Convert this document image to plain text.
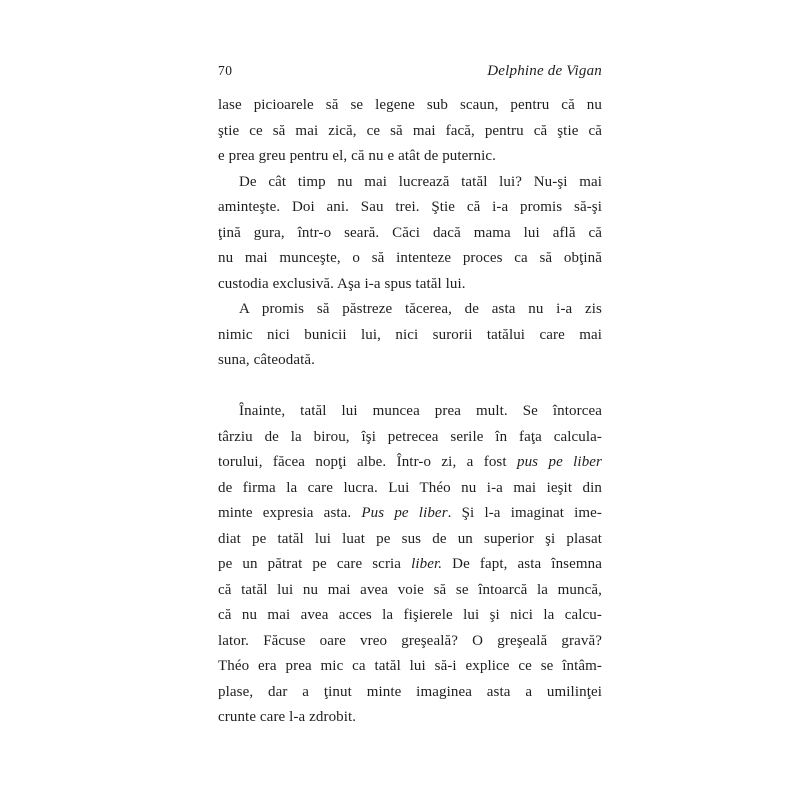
70	Delphine de Vigan
lase picioarele să se legene sub scaun, pentru că nu
ştie ce să mai zică, ce să mai facă, pentru că ştie că
e prea greu pentru el, că nu e atât de puternic.
De cât timp nu mai lucrează tatăl lui? Nu-şi mai
aminteşte. Doi ani. Sau trei. Ştie că i-a promis să-şi
ţină gura, într-o seară. Căci dacă mama lui află că
nu mai munceşte, o să intenteze proces ca să obţină
custodia exclusivă. Aşa i-a spus tatăl lui.
A promis să păstreze tăcerea, de asta nu i-a zis
nimic nici bunicii lui, nici surorii tatălui care mai
suna, câteodată.
Înainte, tatăl lui muncea prea mult. Se întorcea
târziu de la birou, îşi petrecea serile în faţa calcula-
torului, făcea nopţi albe. Într-o zi, a fost pus pe liber
de firma la care lucra. Lui Théo nu i-a mai ieşit din
minte expresia asta. Pus pe liber. Şi l-a imaginat ime-
diat pe tatăl lui luat pe sus de un superior şi plasat
pe un pătrat pe care scria liber. De fapt, asta însemna
că tatăl lui nu mai avea voie să se întoarcă la muncă,
că nu mai avea acces la fişierele lui şi nici la calcu-
lator. Făcuse oare vreo greşeală? O greşeală gravă?
Théo era prea mic ca tatăl lui să-i explice ce se întâm-
plase, dar a ţinut minte imaginea asta a umilinţei
crunte care l-a zdrobit.
